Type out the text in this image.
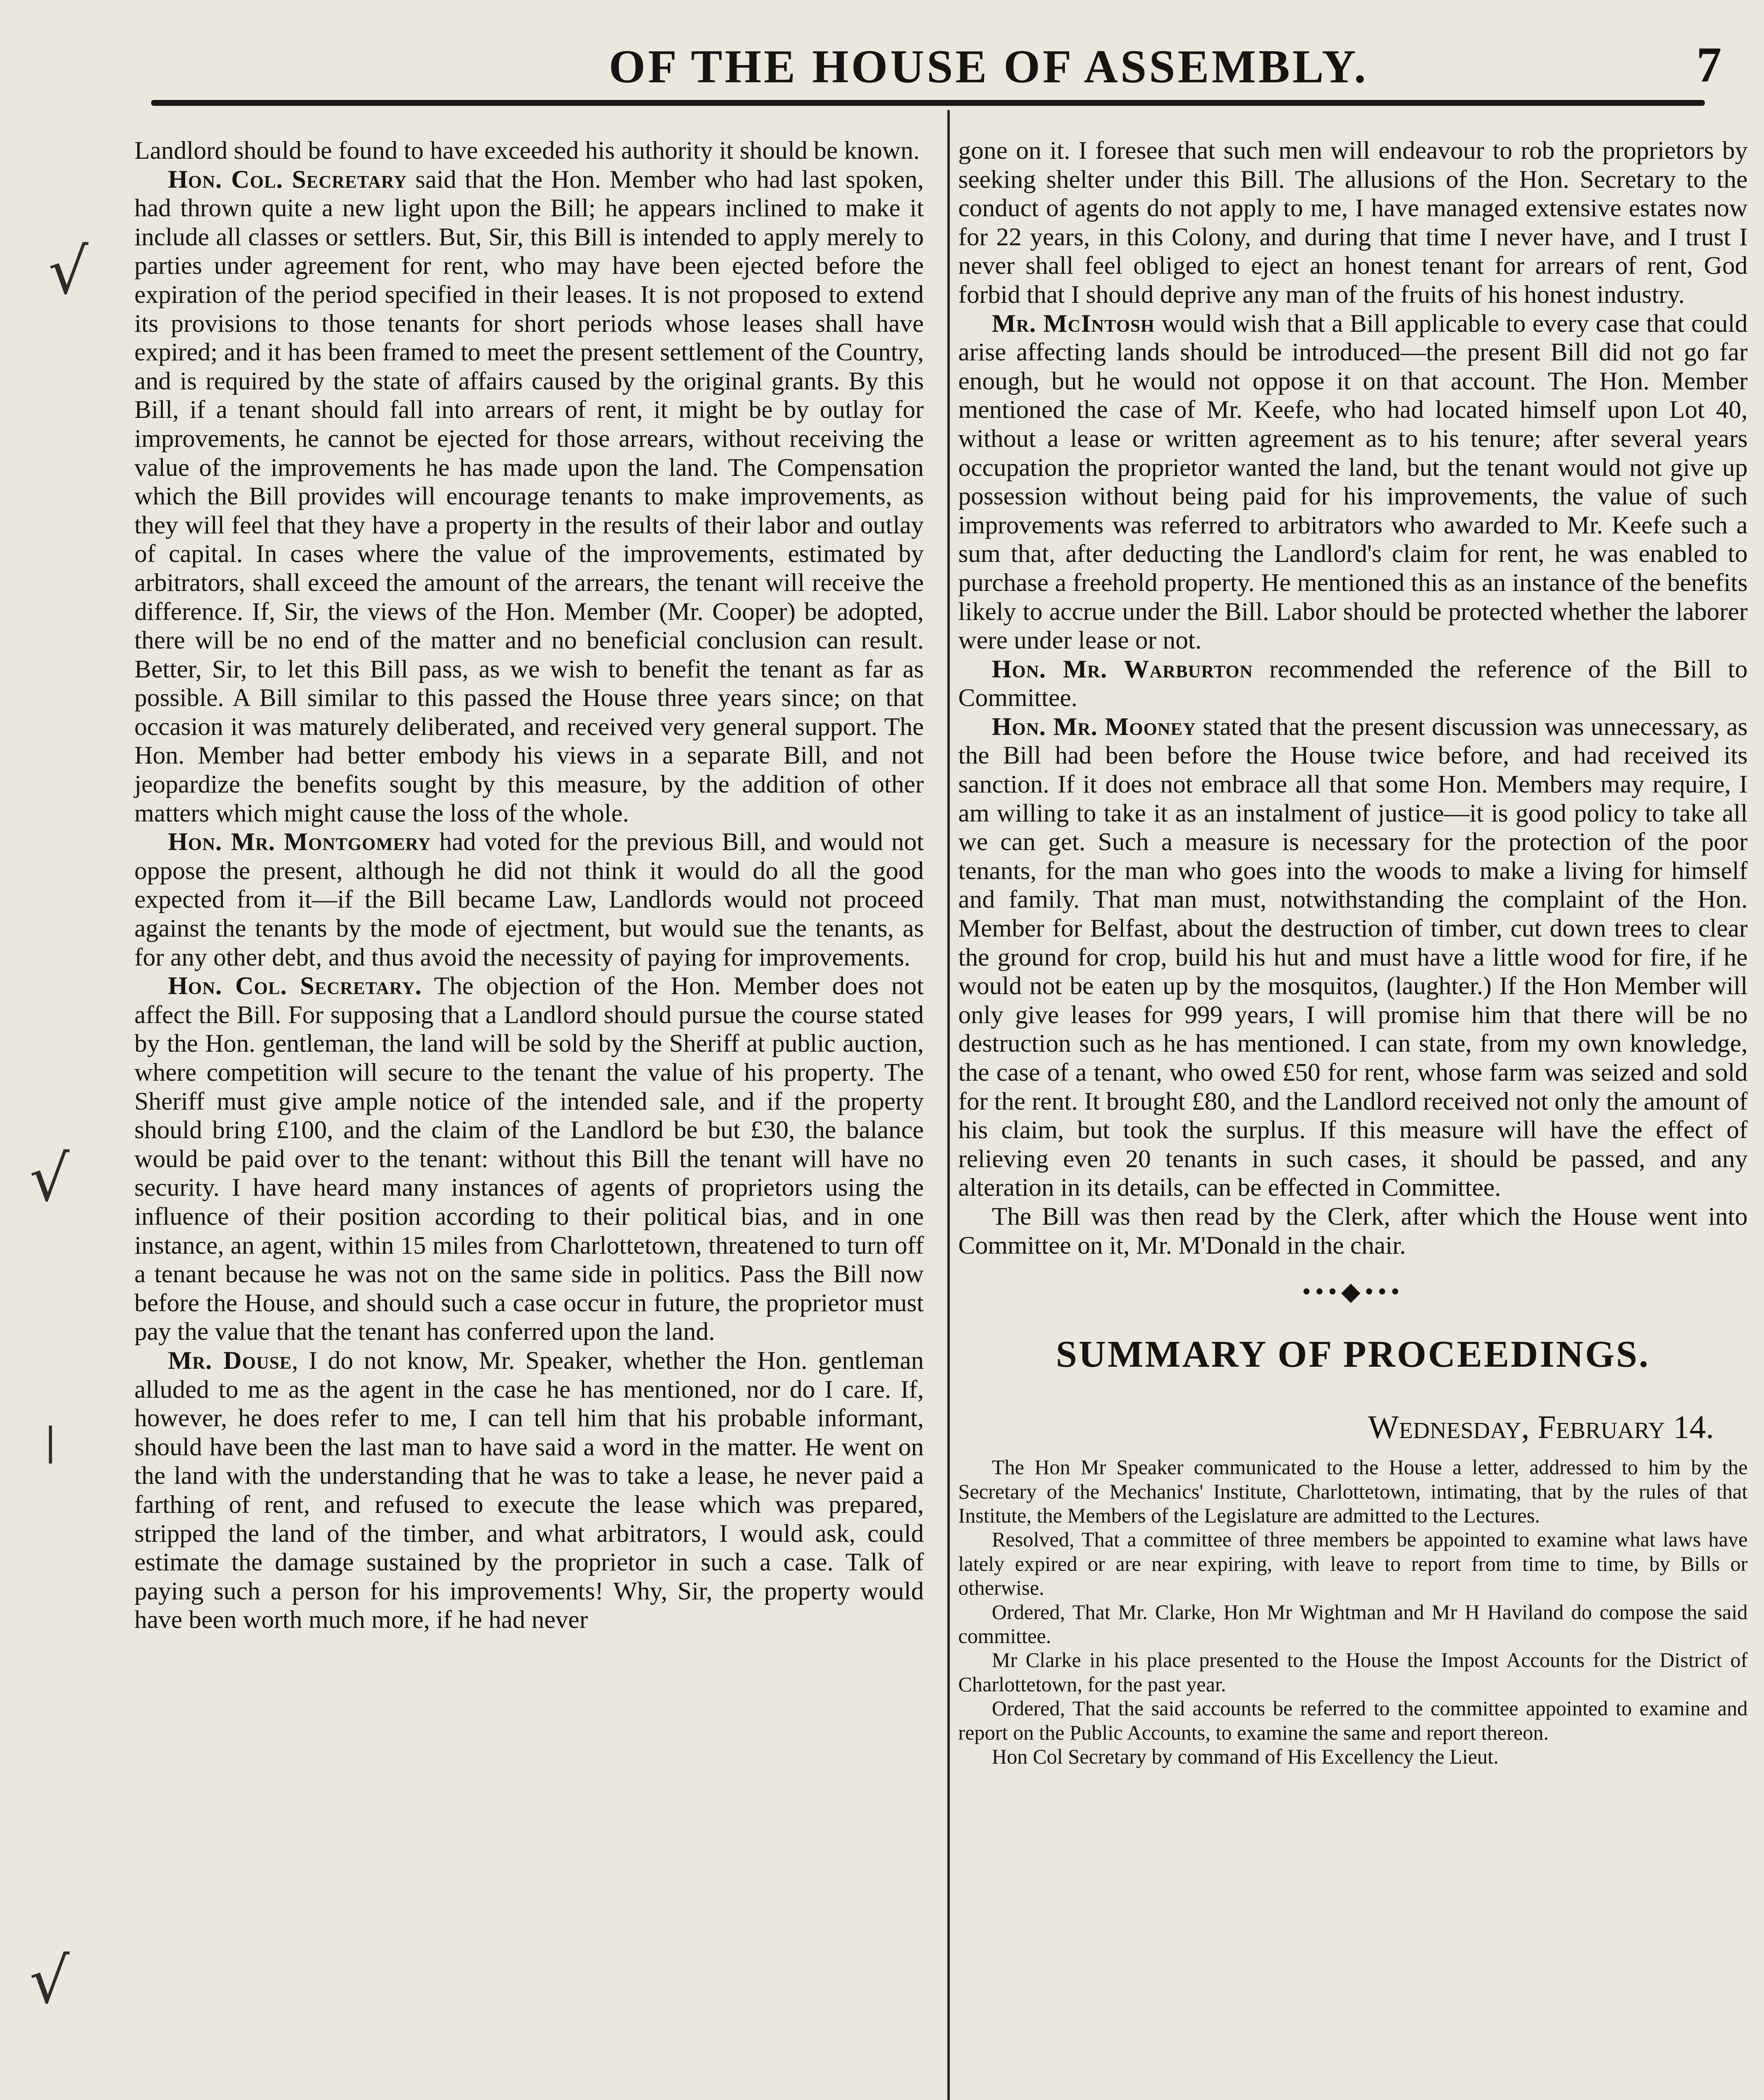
OF THE HOUSE OF ASSEMBLY.	7
√
√
|
√

Landlord should be found to have exceeded his authority it should be known.

Hon. Col. Secretary said that the Hon. Member who had last spoken, had thrown quite a new light upon the Bill; he appears inclined to make it include all classes or settlers. But, Sir, this Bill is intended to apply merely to parties under agreement for rent, who may have been ejected before the expiration of the period specified in their leases. It is not proposed to extend its provisions to those tenants for short periods whose leases shall have expired; and it has been framed to meet the present settlement of the Country, and is required by the state of affairs caused by the original grants. By this Bill, if a tenant should fall into arrears of rent, it might be by outlay for improvements, he cannot be ejected for those arrears, without receiving the value of the improvements he has made upon the land. The Compensation which the Bill provides will encourage tenants to make improvements, as they will feel that they have a property in the results of their labor and outlay of capital. In cases where the value of the improvements, estimated by arbitrators, shall exceed the amount of the arrears, the tenant will receive the difference. If, Sir, the views of the Hon. Member (Mr. Cooper) be adopted, there will be no end of the matter and no beneficial conclusion can result. Better, Sir, to let this Bill pass, as we wish to benefit the tenant as far as possible. A Bill similar to this passed the House three years since; on that occasion it was maturely deliberated, and received very general support. The Hon. Member had better embody his views in a separate Bill, and not jeopardize the benefits sought by this measure, by the addition of other matters which might cause the loss of the whole.

Hon. Mr. Montgomery had voted for the previous Bill, and would not oppose the present, although he did not think it would do all the good expected from it—if the Bill became Law, Landlords would not proceed against the tenants by the mode of ejectment, but would sue the tenants, as for any other debt, and thus avoid the necessity of paying for improvements.

Hon. Col. Secretary. The objection of the Hon. Member does not affect the Bill. For supposing that a Landlord should pursue the course stated by the Hon. gentleman, the land will be sold by the Sheriff at public auction, where competition will secure to the tenant the value of his property. The Sheriff must give ample notice of the intended sale, and if the property should bring £100, and the claim of the Landlord be but £30, the balance would be paid over to the tenant: without this Bill the tenant will have no security. I have heard many instances of agents of proprietors using the influence of their position according to their political bias, and in one instance, an agent, within 15 miles from Charlottetown, threatened to turn off a tenant because he was not on the same side in politics. Pass the Bill now before the House, and should such a case occur in future, the proprietor must pay the value that the tenant has conferred upon the land.

Mr. Douse, I do not know, Mr. Speaker, whether the Hon. gentleman alluded to me as the agent in the case he has mentioned, nor do I care. If, however, he does refer to me, I can tell him that his probable informant, should have been the last man to have said a word in the matter. He went on the land with the understanding that he was to take a lease, he never paid a farthing of rent, and refused to execute the lease which was prepared, stripped the land of the timber, and what arbitrators, I would ask, could estimate the damage sustained by the proprietor in such a case. Talk of paying such a person for his improvements! Why, Sir, the property would have been worth much more, if he had never

gone on it. I foresee that such men will endeavour to rob the proprietors by seeking shelter under this Bill. The allusions of the Hon. Secretary to the conduct of agents do not apply to me, I have managed extensive estates now for 22 years, in this Colony, and during that time I never have, and I trust I never shall feel obliged to eject an honest tenant for arrears of rent, God forbid that I should deprive any man of the fruits of his honest industry.

Mr. McIntosh would wish that a Bill applicable to every case that could arise affecting lands should be introduced—the present Bill did not go far enough, but he would not oppose it on that account. The Hon. Member mentioned the case of Mr. Keefe, who had located himself upon Lot 40, without a lease or written agreement as to his tenure; after several years occupation the proprietor wanted the land, but the tenant would not give up possession without being paid for his improvements, the value of such improvements was referred to arbitrators who awarded to Mr. Keefe such a sum that, after deducting the Landlord's claim for rent, he was enabled to purchase a freehold property. He mentioned this as an instance of the benefits likely to accrue under the Bill. Labor should be protected whether the laborer were under lease or not.

Hon. Mr. Warburton recommended the reference of the Bill to Committee.

Hon. Mr. Mooney stated that the present discussion was unnecessary, as the Bill had been before the House twice before, and had received its sanction. If it does not embrace all that some Hon. Members may require, I am willing to take it as an instalment of justice—it is good policy to take all we can get. Such a measure is necessary for the protection of the poor tenants, for the man who goes into the woods to make a living for himself and family. That man must, notwithstanding the complaint of the Hon. Member for Belfast, about the destruction of timber, cut down trees to clear the ground for crop, build his hut and must have a little wood for fire, if he would not be eaten up by the mosquitos, (laughter.) If the Hon Member will only give leases for 999 years, I will promise him that there will be no destruction such as he has mentioned. I can state, from my own knowledge, the case of a tenant, who owed £50 for rent, whose farm was seized and sold for the rent. It brought £80, and the Landlord received not only the amount of his claim, but took the surplus. If this measure will have the effect of relieving even 20 tenants in such cases, it should be passed, and any alteration in its details, can be effected in Committee.

The Bill was then read by the Clerk, after which the House went into Committee on it, Mr. M'Donald in the chair.

•••◆•••
SUMMARY OF PROCEEDINGS.
Wednesday, February 14.

The Hon Mr Speaker communicated to the House a letter, addressed to him by the Secretary of the Mechanics' Institute, Charlottetown, intimating, that by the rules of that Institute, the Members of the Legislature are admitted to the Lectures.

Resolved, That a committee of three members be appointed to examine what laws have lately expired or are near expiring, with leave to report from time to time, by Bills or otherwise.

Ordered, That Mr. Clarke, Hon Mr Wightman and Mr H Haviland do compose the said committee.

Mr Clarke in his place presented to the House the Impost Accounts for the District of Charlottetown, for the past year.

Ordered, That the said accounts be referred to the committee appointed to examine and report on the Public Accounts, to examine the same and report thereon.

Hon Col Secretary by command of His Excellency the Lieut.
